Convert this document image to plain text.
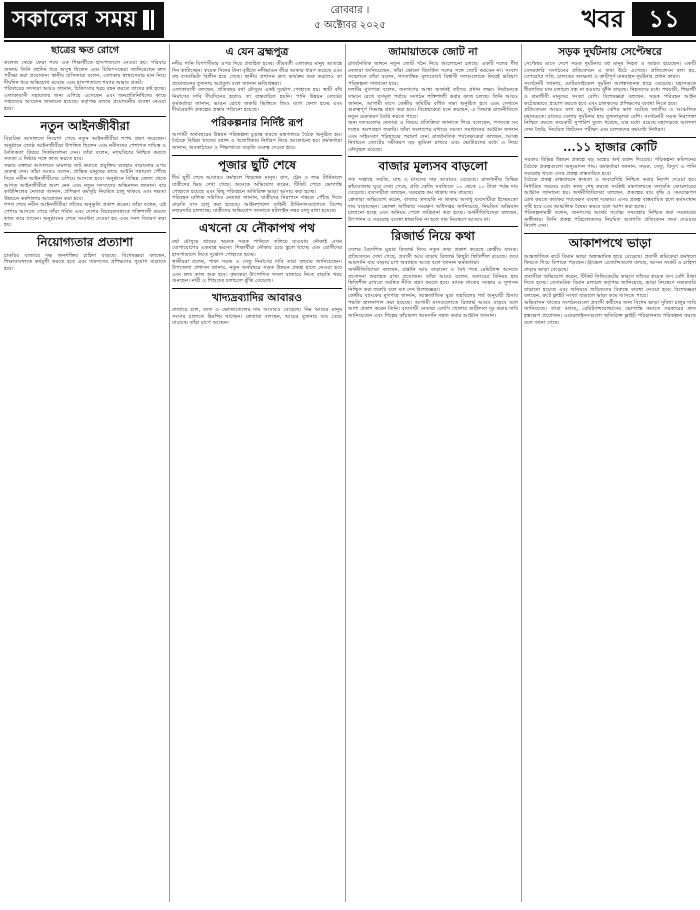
সকালের সময়	রোববার ।
৫ অক্টোবর ২০২৫	খবর	১১
ছাত্রের ক্ষত রোগে

কলেজ থেকে ফেরা পথে এক শিক্ষার্থীকে হাসপাতালে নেওয়া হয়। পরিবার জানায় তিনি বহুদিন ধরে অসুস্থ ছিলেন এবং চিকিৎসকেরা জানিয়েছেন দ্রুত পরীক্ষা করা প্রয়োজন। স্থানীয় বাসিন্দারা বলেন, এলাকায় স্বাস্থ্যসেবার মান নিয়ে দীর্ঘদিন ধরে অভিযোগ রয়েছে এবং হাসপাতালে শয্যার অভাব প্রকট।

পরিবারের সদস্যরা আরও জানান, চিকিৎসার খরচ বহন করতে তাদের কষ্ট হচ্ছে। এলাকাবাসী সহায়তার জন্য এগিয়ে এসেছেন এবং জনপ্রতিনিধিদের কাছে সাহায্যের আবেদন জানানো হয়েছে। কর্তৃপক্ষ বলছে প্রয়োজনীয় ব্যবস্থা নেওয়া হবে।

নতুন আইনজীবীরা

বিচারিক আদালতে নিয়োগ পেয়ে নতুন আইনজীবীরা শপথ গ্রহণ করেছেন। অনুষ্ঠানে জ্যেষ্ঠ আইনজীবীরা উপস্থিত ছিলেন এবং নবীনদের পেশাগত দায়িত্ব ও নৈতিকতা বিষয়ে দিকনির্দেশনা দেন। তাঁরা বলেন, ন্যায়বিচার নিশ্চিত করতে সততা ও নিষ্ঠার সঙ্গে কাজ করতে হবে।

সভায় বক্তারা আদালতে মামলার জট কমাতে প্রযুক্তির ব্যবহার বাড়ানোর ওপর গুরুত্ব দেন। তাঁরা আরও বলেন, প্রান্তিক মানুষের কাছে আইনি সহায়তা পৌঁছে দিতে নবীন আইনজীবীদের এগিয়ে আসতে হবে। অনুষ্ঠানে বিভিন্ন জেলা থেকে আগত আইনজীবীরা অংশ নেন এবং নতুন সদস্যদের অভিনন্দন জানান। বার কাউন্সিলের নেতারা জানান, প্রশিক্ষণ কর্মসূচি নিয়মিত চালু থাকবে এবং দক্ষতা উন্নয়নে কর্মশালার আয়োজন করা হবে।

শপথ শেষে নবীন আইনজীবীরা তাঁদের অনুভূতি প্রকাশ করেন। তাঁরা বলেন, এই পেশায় আসতে পেরে তাঁরা গর্বিত এবং দেশের বিচারব্যবস্থাকে শক্তিশালী করতে কাজ করে যাবেন। অনুষ্ঠানের শেষে সংবর্ধনা দেওয়া হয় এবং সনদ বিতরণ করা হয়।

নিয়োগ্যতার প্রত্যাশা

চাকরির বাজারে দক্ষ জনশক্তির চাহিদা বাড়ছে। বিশেষজ্ঞরা বলছেন, শিক্ষাব্যবস্থাকে কর্মমুখী করতে হবে এবং তরুণদের প্রশিক্ষণের সুযোগ বাড়াতে হবে।

এ যেন ব্রহ্মপুত্র

নদীর পানি বিপৎসীমার ওপর দিয়ে প্রবাহিত হচ্ছে। তীরবর্তী এলাকার মানুষ আতঙ্কে দিন কাটাচ্ছেন। কয়েক দিনের টানা বৃষ্টিতে নদীভাঙন তীব্র আকার ধারণ করেছে এবং বহু বসতভিটা বিলীন হয়ে গেছে। স্থানীয় প্রশাসন ত্রাণ কার্যক্রম শুরু করলেও তা প্রয়োজনের তুলনায় অপ্রতুল বলে জানান ক্ষতিগ্রস্তরা।

এলাকাবাসী বলছেন, প্রতিবছর বর্ষা মৌসুমে একই দুর্ভোগ পোহাতে হয়। স্থায়ী বাঁধ নির্মাণের দাবি দীর্ঘদিনের হলেও তা বাস্তবায়িত হয়নি। পানি উন্নয়ন বোর্ডের কর্মকর্তারা জানান, ভাঙন রোধে জরুরি ভিত্তিতে জিও ব্যাগ ফেলা হচ্ছে এবং দীর্ঘমেয়াদি প্রকল্পের প্রস্তাব পাঠানো হয়েছে।

পরিকল্পনার নির্দিষ্ট রূপ

আগামী অর্থবছরের উন্নয়ন পরিকল্পনা চূড়ান্ত করতে মন্ত্রণালয়ে বৈঠক অনুষ্ঠিত হয়। বৈঠকে বিভিন্ন খাতের বরাদ্দ ও অগ্রাধিকার নির্ধারণ নিয়ে আলোচনা হয়। কর্মকর্তারা জানান, অবকাঠামো ও শিক্ষাখাতে বাড়তি গুরুত্ব দেওয়া হবে।

পূজার ছুটি শেষে

দীর্ঘ ছুটি শেষে আবারও কর্মস্থলে ফিরছেন মানুষ। বাস, ট্রেন ও লঞ্চ টার্মিনালে যাত্রীদের ভিড় দেখা গেছে। অনেকে অভিযোগ করেন, টিকিট পেতে ভোগান্তি পোহাতে হয়েছে এবং কিছু পরিবহনে অতিরিক্ত ভাড়া আদায় করা হচ্ছে।

পরিবহন মালিক সমিতির নেতারা জানান, যাত্রীদের নিরাপদে গন্তব্যে পৌঁছে দিতে বাড়তি বাস চালু করা হয়েছে। আইনশৃঙ্খলা বাহিনী টার্মিনালগুলোতে বিশেষ নজরদারি চালাচ্ছে। যাত্রীদের অভিযোগ জানাতে হটলাইন নম্বর চালু রাখা হয়েছে।

এখনো যে নৌকাপথ পথ

বর্ষা মৌসুমে গ্রামের অনেক সড়ক পানিতে তলিয়ে যাওয়ায় নৌকাই এখন যোগাযোগের একমাত্র ভরসা। শিক্ষার্থীরা নৌকায় চড়ে স্কুলে যাচ্ছে এবং রোগীদের হাসপাতালে নিতে দুর্ভোগ পোহাতে হচ্ছে।

স্থানীয়রা বলেন, পাকা সড়ক ও সেতু নির্মাণের দাবি তারা বহুবার জানিয়েছেন। উপজেলা প্রশাসন জানায়, নতুন অর্থবছরে সড়ক উন্নয়ন প্রকল্প হাতে নেওয়া হবে এবং দ্রুত কাজ শুরু হবে। কৃষকেরা উৎপাদিত ফসল বাজারে নিতে বাড়তি খরচ গুনছেন। নারী ও শিশুদের চলাচলে ঝুঁকি বেড়েছে।

খাদ্যদ্রব্যাদির আবারও

বাজারে চাল, ডাল ও ভোজ্যতেলের দাম আবারও বেড়েছে। নিম্ন আয়ের মানুষ সংসার চালাতে হিমশিম খাচ্ছেন। ক্রেতারা বলছেন, আয়ের তুলনায় ব্যয় বেড়ে যাওয়ায় তাঁরা চাপে আছেন।

জামায়াতকে জোট না

রাজনৈতিক অঙ্গনে নতুন জোট গঠন নিয়ে আলোচনা চলছে। একটি দলের শীর্ষ নেতারা জানিয়েছেন, তাঁরা কোনো বিতর্কিত দলের সঙ্গে জোট করবেন না। সংবাদ সম্মেলনে তাঁরা বলেন, গণতান্ত্রিক মূল্যবোধে বিশ্বাসী দলগুলোকে নিয়েই ভবিষ্যৎ পরিকল্পনা সাজানো হবে।

দলটির মুখপাত্র বলেন, জনগণের আস্থা অর্জনই তাঁদের প্রধান লক্ষ্য। নির্বাচনকে সামনে রেখে তৃণমূল পর্যায়ে সংগঠন শক্তিশালী করার কাজ চলছে। তিনি আরও জানান, আগামী মাসে কেন্দ্রীয় কমিটির বর্ধিত সভা অনুষ্ঠিত হবে এবং সেখানে গুরুত্বপূর্ণ সিদ্ধান্ত গ্রহণ করা হবে। বিশ্লেষকেরা মনে করছেন, এ সিদ্ধান্ত রাজনীতিতে নতুন মেরুকরণ তৈরি করতে পারে।

অন্য দলগুলোর নেতারা এ বিষয়ে প্রতিক্রিয়া জানাতে গিয়ে বলেছেন, গণতন্ত্রে সব দলের অংশগ্রহণ জরুরি। তাঁরা সংলাপের মাধ্যমে সমস্যা সমাধানের আহ্বান জানান এবং সহিংসতা পরিহারের পরামর্শ দেন। রাজনৈতিক পর্যবেক্ষকেরা বলছেন, আসন্ন নির্বাচনে জোটের সমীকরণ বড় ভূমিকা রাখবে এবং ভোটারদের মধ্যে এ নিয়ে কৌতূহল রয়েছে।

বাজার মূল্যসব বাড়লো

গত সপ্তাহে সবজি, মাছ ও মাংসের দাম আবারও বেড়েছে। রাজধানীর বিভিন্ন কাঁচাবাজার ঘুরে দেখা গেছে, প্রতি কেজি সবজিতে ১০ থেকে ২০ টাকা পর্যন্ত দাম বেড়েছে। ব্যবসায়ীরা বলছেন, সরবরাহ কম থাকায় দাম বাড়ছে।

ক্রেতারা অভিযোগ করেন, বাজার তদারকি না থাকায় অসাধু ব্যবসায়ীরা ইচ্ছেমতো দাম বাড়াচ্ছেন। ভোক্তা অধিকার সংরক্ষণ অধিদপ্তর জানিয়েছে, নিয়মিত অভিযান চালানো হচ্ছে এবং অনিয়ম পেলে জরিমানা করা হচ্ছে। অর্থনীতিবিদেরা বলছেন, উৎপাদন ও সরবরাহ ব্যবস্থা স্বাভাবিক না হলে দাম নিয়ন্ত্রণে আসবে না।

রিজার্ভ নিয়ে কথা

দেশের বৈদেশিক মুদ্রার রিজার্ভ নিয়ে নতুন তথ্য প্রকাশ করেছে কেন্দ্রীয় ব্যাংক। প্রতিবেদনে দেখা গেছে, প্রবাসী আয় বাড়ায় রিজার্ভ কিছুটা স্থিতিশীল রয়েছে। তবে আমদানি ব্যয় বাড়ায় চাপ অব্যাহত আছে বলে জানান কর্মকর্তারা।

অর্থনীতিবিদেরা বলছেন, রপ্তানি আয় বাড়ানো ও বৈধ পথে রেমিট্যান্স আনতে প্রণোদনা অব্যাহত রাখা প্রয়োজন। তাঁরা আরও বলেন, ডলারের বিনিময় হার স্থিতিশীল রাখতে সমন্বিত নীতি গ্রহণ করতে হবে। ব্যাংক খাতের সংস্কার ও সুশাসন নিশ্চিত করা জরুরি বলে মত দেন বিশেষজ্ঞরা।

কেন্দ্রীয় ব্যাংকের মুখপাত্র জানান, আন্তর্জাতিক মুদ্রা তহবিলের শর্ত অনুযায়ী হিসাব পদ্ধতি হালনাগাদ করা হয়েছে। আগামী মাসগুলোতে রিজার্ভ আরও বাড়বে বলে আশা প্রকাশ করেন তিনি। ব্যবসায়ী নেতারা এলসি খোলার জটিলতা দূর করার দাবি জানিয়েছেন এবং শিল্পের কাঁচামাল আমদানি সহজ করার আহ্বান জানান।

সড়ক দুর্ঘটনায় সেপ্টেম্বরে

সেপ্টেম্বর মাসে দেশে সড়ক দুর্ঘটনায় বহু মানুষ নিহত ও আহত হয়েছেন। একটি বেসরকারি সংগঠনের প্রতিবেদনে এ তথ্য উঠে এসেছে। প্রতিবেদনে বলা হয়, বেপরোয়া গতি, চালকের অদক্ষতা ও ত্রুটিপূর্ণ যানবাহন দুর্ঘটনার প্রধান কারণ।

সংগঠনটি জানায়, মোটরসাইকেল দুর্ঘটনা আশঙ্কাজনক হারে বেড়েছে। মহাসড়কে ধীরগতির যান চলাচল বন্ধ না হওয়ায় ঝুঁকি বাড়ছে। নিহতদের মধ্যে পথচারী, শিক্ষার্থী ও শ্রমজীবী মানুষের সংখ্যা বেশি। বিশেষজ্ঞরা বলছেন, সড়ক পরিবহন আইন কঠোরভাবে প্রয়োগ করতে হবে এবং চালকদের প্রশিক্ষণের ব্যবস্থা নিতে হবে।

প্রতিবেদনে আরও বলা হয়, দুর্ঘটনার বেশির ভাগ ঘটেছে জাতীয় ও আঞ্চলিক মহাসড়কে। রাতের বেলায় দুর্ঘটনার হার তুলনামূলক বেশি। সংগঠনটি সড়ক নিরাপত্তা নিশ্চিত করতে কয়েকটি সুপারিশ তুলে ধরেছে, যার মধ্যে রয়েছে মহাসড়কে আলাদা লেন তৈরি, নিয়মিত ফিটনেস পরীক্ষা এবং চালকদের কর্মঘণ্টা নির্ধারণ।

...১১ হাজার কোটি

সরকার বিভিন্ন উন্নয়ন প্রকল্পে বড় অঙ্কের অর্থ বরাদ্দ দিয়েছে। পরিকল্পনা কমিশনের বৈঠকে প্রকল্পগুলো অনুমোদন পায়। কর্মকর্তারা জানান, সড়ক, সেতু, বিদ্যুৎ ও পানি সরবরাহ খাতে এসব প্রকল্প বাস্তবায়িত হবে।

বৈঠকে প্রকল্প বাস্তবায়নে স্বচ্ছতা ও জবাবদিহি নিশ্চিত করার নির্দেশ দেওয়া হয়। নির্ধারিত সময়ের মধ্যে কাজ শেষ করতে সংশ্লিষ্ট মন্ত্রণালয়কে তদারকি জোরদারের আহ্বান জানানো হয়। অর্থনীতিবিদেরা বলছেন, প্রকল্পের ব্যয় বৃদ্ধি ও সময়ক্ষেপণ রোধ করতে কার্যকর পর্যবেক্ষণ ব্যবস্থা দরকার। এসব প্রকল্প বাস্তবায়িত হলে কর্মসংস্থান সৃষ্টি হবে এবং আঞ্চলিক বৈষম্য কমবে বলে আশা করা হচ্ছে।

পরিকল্পনামন্ত্রী বলেন, জনগণের অর্থের সর্বোচ্চ সদ্ব্যবহার নিশ্চিত করা সরকারের অঙ্গীকার। তিনি প্রকল্প পরিচালকদের নিয়মিত অগ্রগতি প্রতিবেদন জমা দেওয়ার নির্দেশ দেন।

আকাশপথে ভাড়া

আন্তর্জাতিক রুটে বিমান ভাড়া অস্বাভাবিক হারে বেড়েছে। প্রবাসী শ্রমিকেরা কর্মস্থলে ফিরতে গিয়ে বিপাকে পড়ছেন। ট্রাভেল এজেন্সিগুলো বলছে, আসন সংকট ও চাহিদা বাড়ায় ভাড়া বেড়েছে।

প্রবাসীরা অভিযোগ করেন, টিকিট সিন্ডিকেটের কারণে তাঁদের কয়েক গুণ বেশি টাকা দিতে হচ্ছে। বেসামরিক বিমান চলাচল কর্তৃপক্ষ জানিয়েছে, ভাড়া নিয়ন্ত্রণে নজরদারি বাড়ানো হয়েছে এবং অনিয়মে জড়িতদের বিরুদ্ধে ব্যবস্থা নেওয়া হবে। বিশেষজ্ঞরা বলছেন, রুটে ফ্লাইট সংখ্যা বাড়ালে ভাড়া কমে আসতে পারে।

অভিবাসন খাতের সংগঠনগুলো প্রবাসী কর্মীদের জন্য বিশেষ ভাড়া সুবিধা চালুর দাবি জানিয়েছে। তারা বলছে, রেমিট্যান্সযোদ্ধাদের ভোগান্তি কমাতে সরকারের দ্রুত হস্তক্ষেপ প্রয়োজন। এয়ারলাইনসগুলো অতিরিক্ত ফ্লাইট পরিচালনার পরিকল্পনা করছে বলে জানা গেছে।
